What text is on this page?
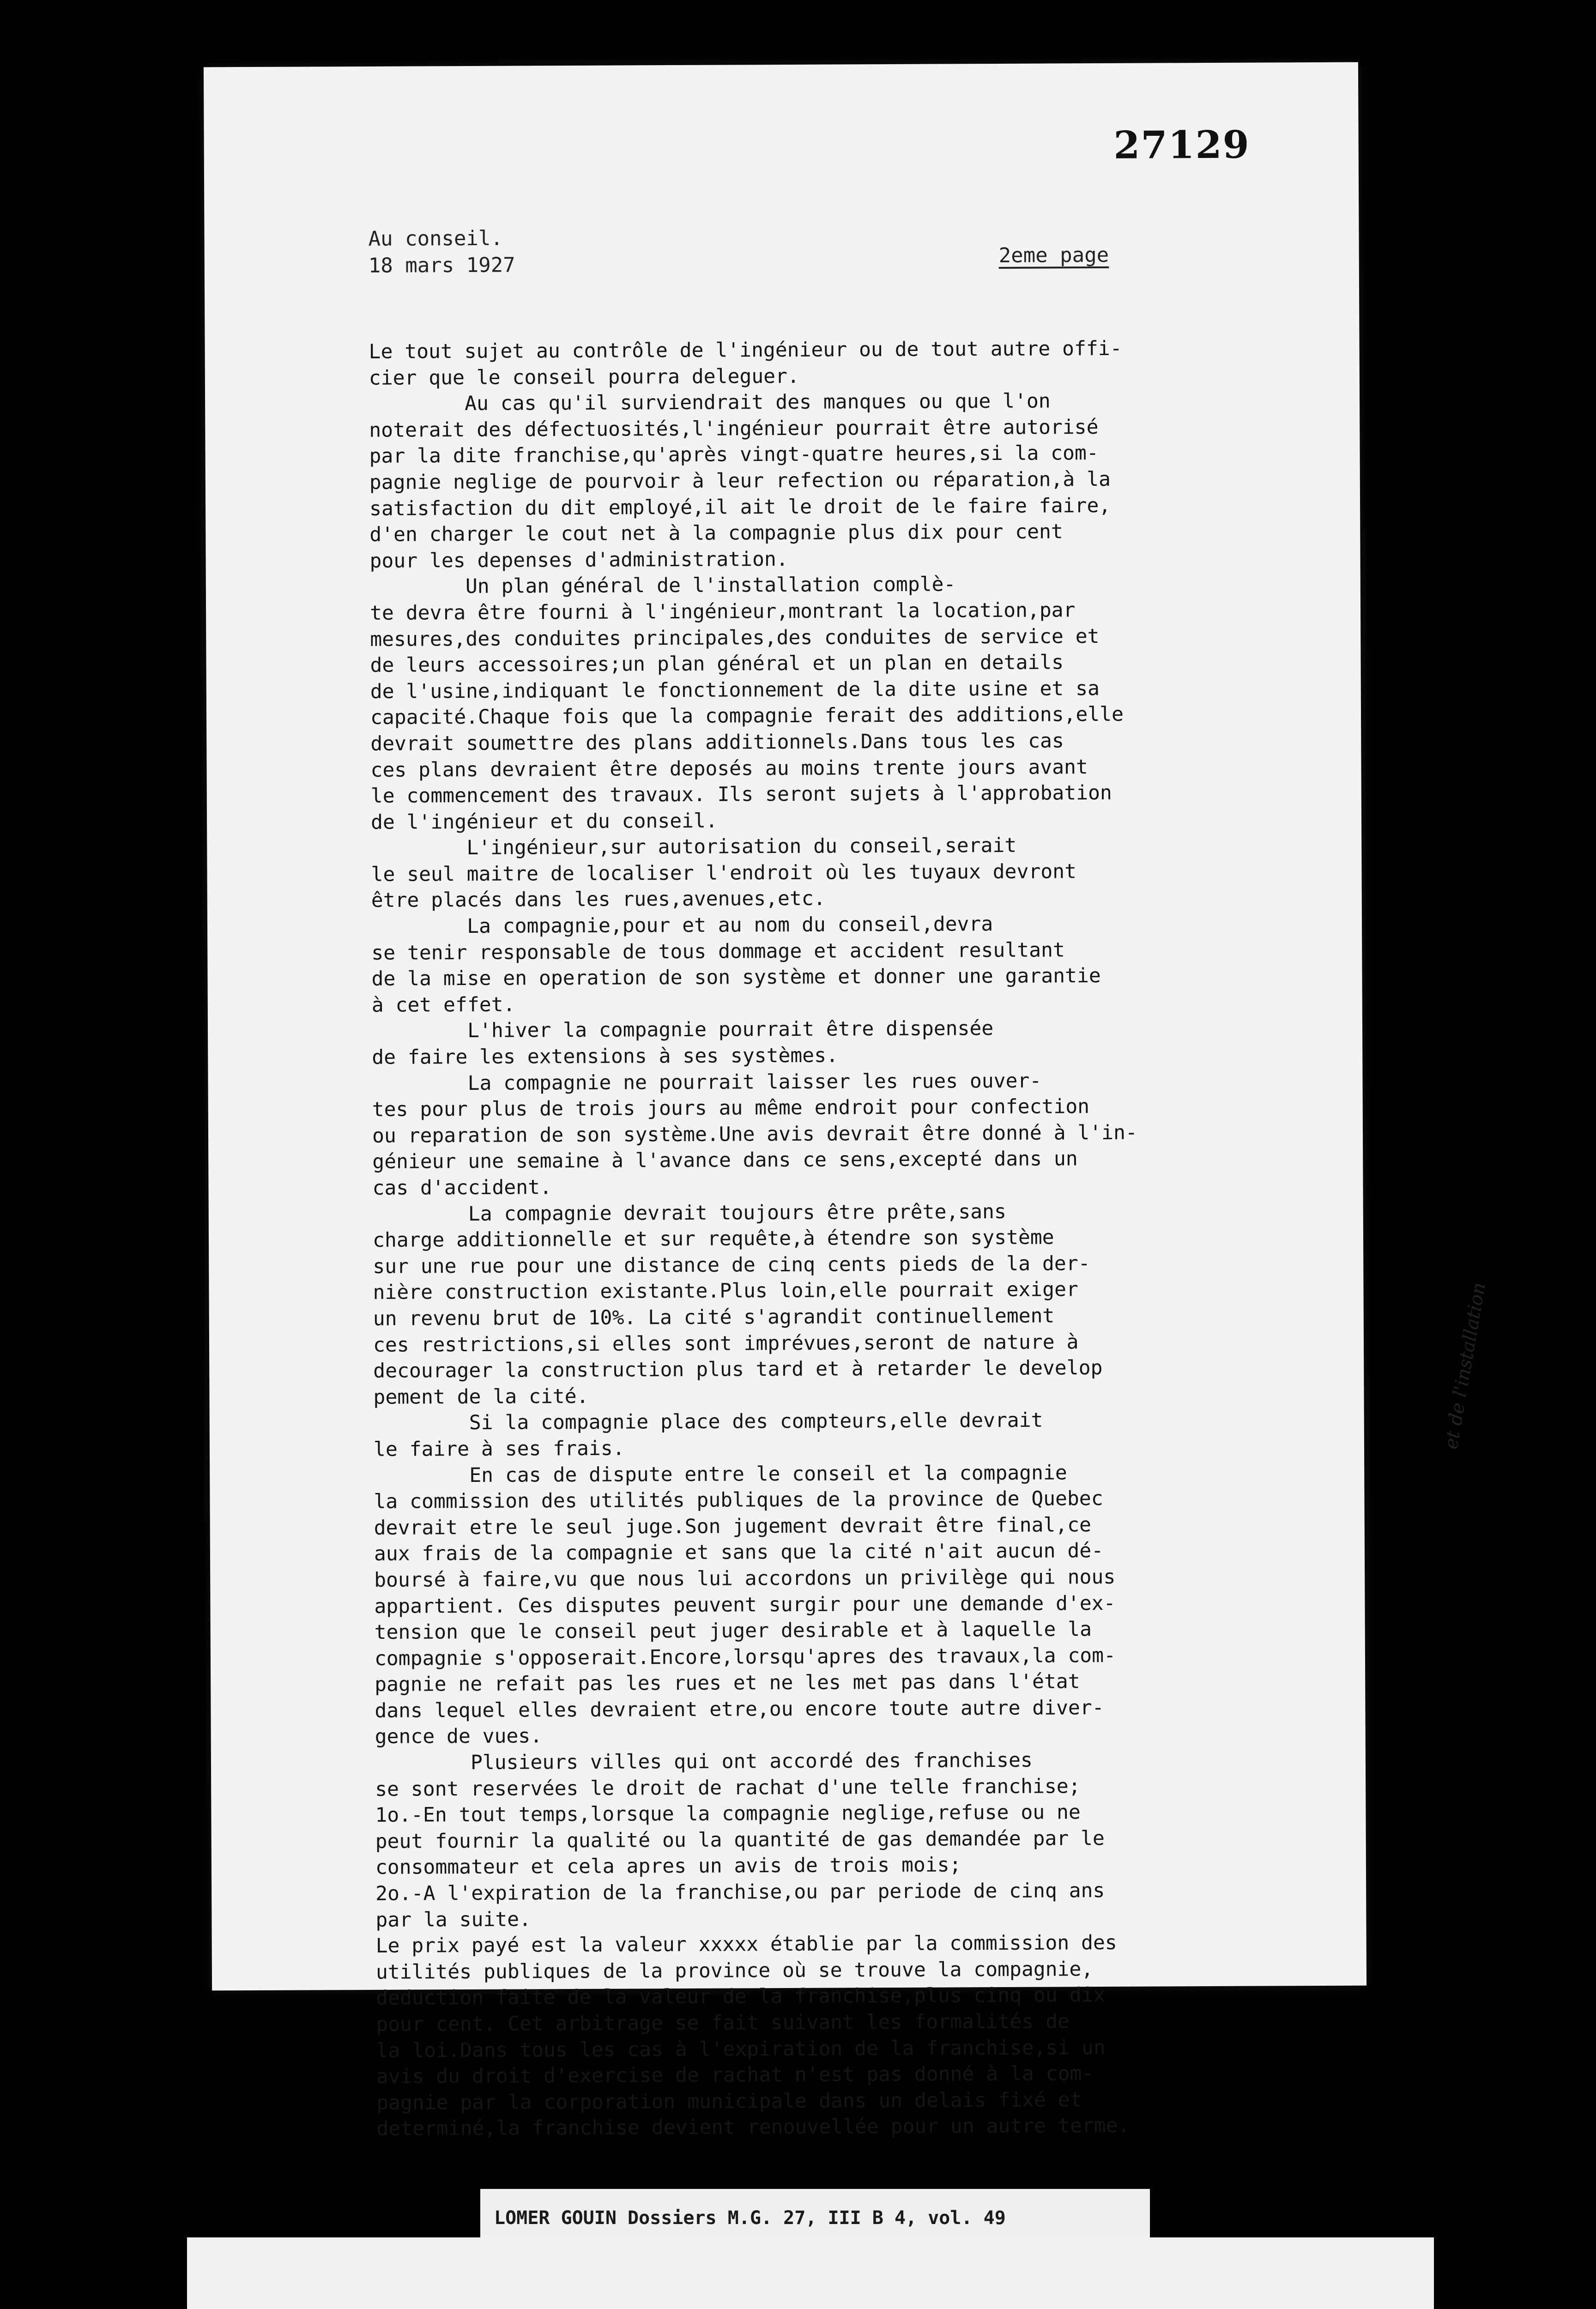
27129
Au conseil.
18 mars 1927	2eme page
Le tout sujet au contrôle de l'ingénieur ou de tout autre offi-
cier que le conseil pourra deleguer.
Au cas qu'il surviendrait des manques ou que l'on
noterait des défectuosités,l'ingénieur pourrait être autorisé
par la dite franchise,qu'après vingt-quatre heures,si la com-
pagnie neglige de pourvoir à leur refection ou réparation,à la
satisfaction du dit employé,il ait le droit de le faire faire,
d'en charger le cout net à la compagnie plus dix pour cent
pour les depenses d'administration.
Un plan général de l'installation complè-
te devra être fourni à l'ingénieur,montrant la location,par
mesures,des conduites principales,des conduites de service et
de leurs accessoires;un plan général et un plan en details
de l'usine,indiquant le fonctionnement de la dite usine et sa
capacité.Chaque fois que la compagnie ferait des additions,elle
devrait soumettre des plans additionnels.Dans tous les cas
ces plans devraient être deposés au moins trente jours avant
le commencement des travaux. Ils seront sujets à l'approbation
de l'ingénieur et du conseil.
L'ingénieur,sur autorisation du conseil,serait
le seul maitre de localiser l'endroit où les tuyaux devront
être placés dans les rues,avenues,etc.
La compagnie,pour et au nom du conseil,devra
se tenir responsable de tous dommage et accident resultant
de la mise en operation de son système et donner une garantie
à cet effet.
L'hiver la compagnie pourrait être dispensée
de faire les extensions à ses systèmes.
La compagnie ne pourrait laisser les rues ouver-
tes pour plus de trois jours au même endroit pour confection
ou reparation de son système.Une avis devrait être donné à l'in-
génieur une semaine à l'avance dans ce sens,excepté dans un
cas d'accident.
La compagnie devrait toujours être prête,sans
charge additionnelle et sur requête,à étendre son système
sur une rue pour une distance de cinq cents pieds de la der-
nière construction existante.Plus loin,elle pourrait exiger
un revenu brut de 10%. La cité s'agrandit continuellement
ces restrictions,si elles sont imprévues,seront de nature à
decourager la construction plus tard et à retarder le develop
pement de la cité.
Si la compagnie place des compteurs,elle devrait
le faire à ses frais.
En cas de dispute entre le conseil et la compagnie
la commission des utilités publiques de la province de Quebec
devrait etre le seul juge.Son jugement devrait être final,ce
aux frais de la compagnie et sans que la cité n'ait aucun dé-
boursé à faire,vu que nous lui accordons un privilège qui nous
appartient. Ces disputes peuvent surgir pour une demande d'ex-
tension que le conseil peut juger desirable et à laquelle la
compagnie s'opposerait.Encore,lorsqu'apres des travaux,la com-
pagnie ne refait pas les rues et ne les met pas dans l'état
dans lequel elles devraient etre,ou encore toute autre diver-
gence de vues.
Plusieurs villes qui ont accordé des franchises
se sont reservées le droit de rachat d'une telle franchise;
1o.-En tout temps,lorsque la compagnie neglige,refuse ou ne
peut fournir la qualité ou la quantité de gas demandée par le
consommateur et cela apres un avis de trois mois;
2o.-A l'expiration de la franchise,ou par periode de cinq ans
par la suite.
Le prix payé est la valeur xxxxx établie par la commission des
utilités publiques de la province où se trouve la compagnie,
deduction faite de la valeur de la franchise,plus cinq ou dix
pour cent. Cet arbitrage se fait suivant les formalités de
la loi.Dans tous les cas à l'expiration de la franchise,si un
avis du droit d'exercise de rachat n'est pas donné à la com-
pagnie par la corporation municipale dans un delais fixé et
determiné,la franchise devient renouvellée pour un autre terme.
et de l'installation
LOMER GOUIN Dossiers M.G. 27, III B 4, vol. 49
